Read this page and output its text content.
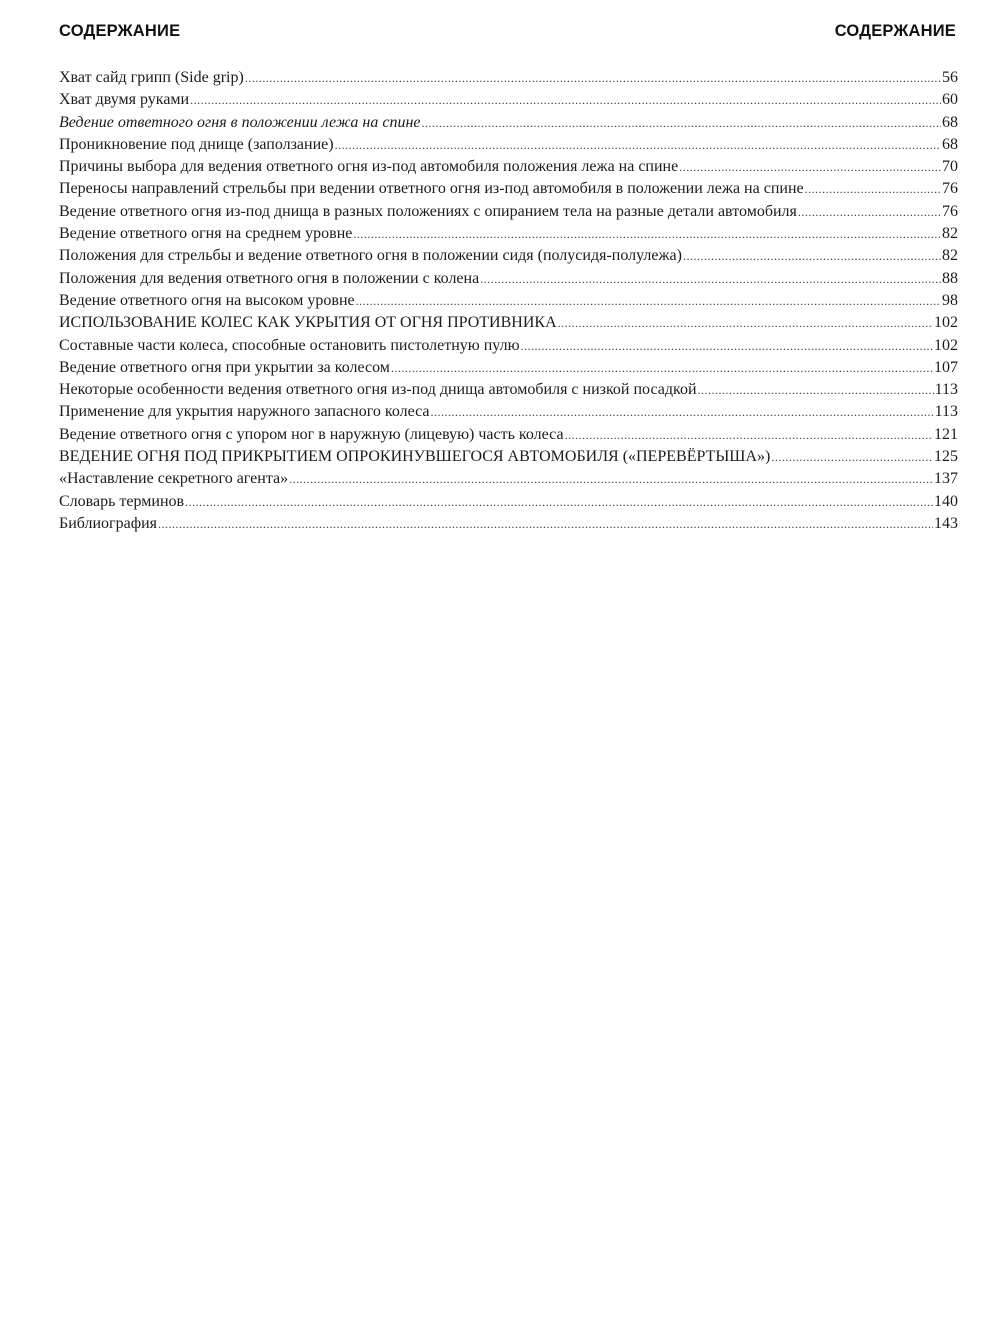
СОДЕРЖАНИЕ	СОДЕРЖАНИЕ
Хват сайд грипп (Side grip) .....	56
Хват двумя руками .....	60
Ведение ответного огня в положении лежа на спине .....	68
Проникновение под днище (заползание) .....	68
Причины выбора для ведения ответного огня из-под автомобиля положения лежа на спине .....	70
Переносы направлений стрельбы при ведении ответного огня из-под автомобиля в положении лежа на спине .....	76
Ведение ответного огня из-под днища в разных положениях с опиранием тела на разные детали автомобиля .....	76
Ведение ответного огня на среднем уровне .....	82
Положения для стрельбы и ведение ответного огня в положении сидя (полусидя-полулежа) .....	82
Положения для ведения ответного огня в положении с колена .....	88
Ведение ответного огня на высоком уровне .....	98
ИСПОЛЬЗОВАНИЕ КОЛЕС КАК УКРЫТИЯ ОТ ОГНЯ ПРОТИВНИКА .....	102
Составные части колеса, способные остановить пистолетную пулю .....	102
Ведение ответного огня при укрытии за колесом .....	107
Некоторые особенности ведения ответного огня из-под днища автомобиля с низкой посадкой .....	113
Применение для укрытия наружного запасного колеса .....	113
Ведение ответного огня с упором ног в наружную (лицевую) часть колеса .....	121
ВЕДЕНИЕ ОГНЯ ПОД ПРИКРЫТИЕМ ОПРОКИНУВШЕГОСЯ АВТОМОБИЛЯ («ПЕРЕВЁРТЫША») .....	125
«Наставление секретного агента» .....	137
Словарь терминов .....	140
Библиография .....	143
